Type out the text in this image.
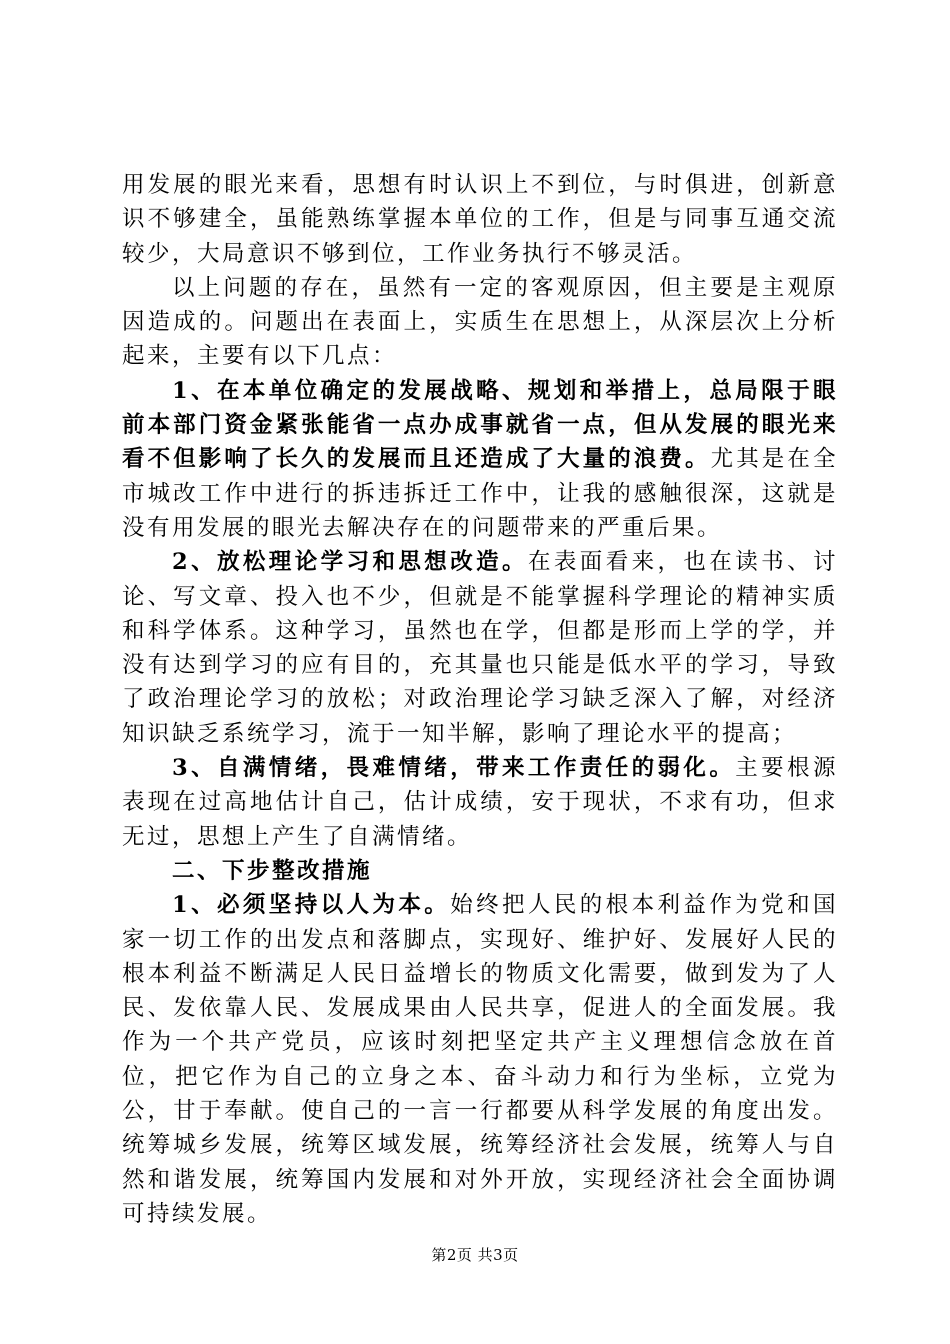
用发展的眼光来看，思想有时认识上不到位，与时俱进，创新意识不够建全，虽能熟练掌握本单位的工作，但是与同事互通交流较少，大局意识不够到位，工作业务执行不够灵活。

以上问题的存在，虽然有一定的客观原因，但主要是主观原因造成的。问题出在表面上，实质生在思想上，从深层次上分析起来，主要有以下几点：

1、在本单位确定的发展战略、规划和举措上，总局限于眼前本部门资金紧张能省一点办成事就省一点，但从发展的眼光来看不但影响了长久的发展而且还造成了大量的浪费。尤其是在全市城改工作中进行的拆违拆迁工作中，让我的感触很深，这就是没有用发展的眼光去解决存在的问题带来的严重后果。

2、放松理论学习和思想改造。在表面看来，也在读书、讨论、写文章、投入也不少，但就是不能掌握科学理论的精神实质和科学体系。这种学习，虽然也在学，但都是形而上学的学，并没有达到学习的应有目的，充其量也只能是低水平的学习，导致了政治理论学习的放松；对政治理论学习缺乏深入了解，对经济知识缺乏系统学习，流于一知半解，影响了理论水平的提高；

3、自满情绪，畏难情绪，带来工作责任的弱化。主要根源表现在过高地估计自己，估计成绩，安于现状，不求有功，但求无过，思想上产生了自满情绪。

二、下步整改措施

1、必须坚持以人为本。始终把人民的根本利益作为党和国家一切工作的出发点和落脚点，实现好、维护好、发展好人民的根本利益不断满足人民日益增长的物质文化需要，做到发为了人民、发依靠人民、发展成果由人民共享，促进人的全面发展。我作为一个共产党员，应该时刻把坚定共产主义理想信念放在首位，把它作为自己的立身之本、奋斗动力和行为坐标，立党为公，甘于奉献。使自己的一言一行都要从科学发展的角度出发。统筹城乡发展，统筹区域发展，统筹经济社会发展，统筹人与自然和谐发展，统筹国内发展和对外开放，实现经济社会全面协调可持续发展。

第2页 共3页
